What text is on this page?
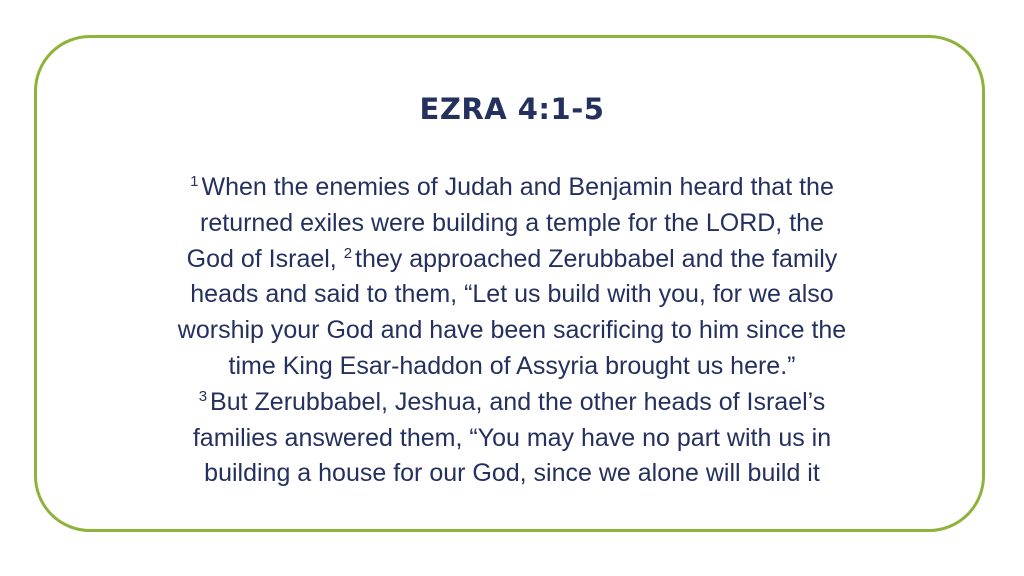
EZRA 4:1-5
$^1$ When the enemies of Judah and Benjamin heard that the
returned exiles were building a temple for the LORD, the
God of Israel, $^2$ they approached Zerubbabel and the family
heads and said to them, “Let us build with you, for we also
worship your God and have been sacrificing to him since the
time King Esar-haddon of Assyria brought us here.”
$^3$ But Zerubbabel, Jeshua, and the other heads of Israel’s
families answered them, “You may have no part with us in
building a house for our God, since we alone will build it
